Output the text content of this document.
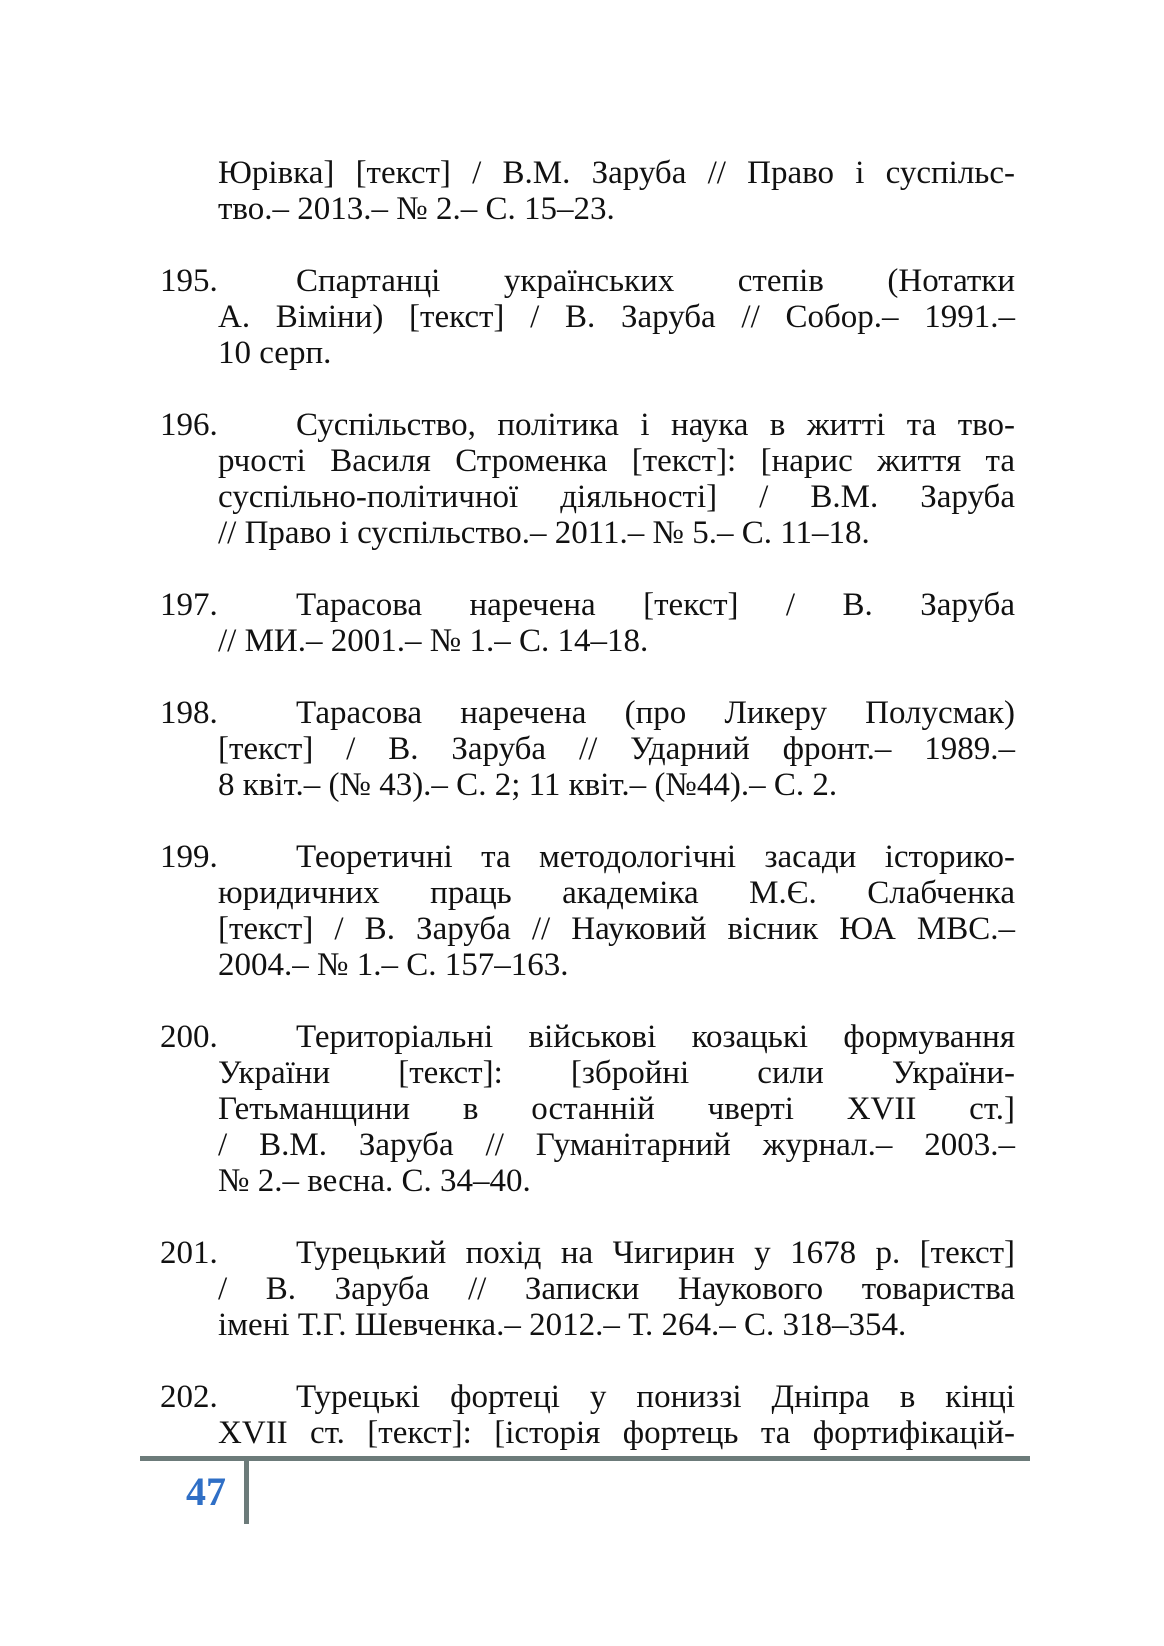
Юрівка] [текст] / В.М. Заруба // Право і суспільс-
тво.– 2013.– № 2.– С. 15–23.
195.	Спартанці українських степів (Нотатки
А. Віміни) [текст] / В. Заруба // Собор.– 1991.–
10 серп.
196.	Суспільство, політика і наука в житті та тво-
рчості Василя Строменка [текст]: [нарис життя та
суспільно-політичної діяльності] / В.М. Заруба
// Право і суспільство.– 2011.– № 5.– С. 11–18.
197.	Тарасова наречена [текст] / В. Заруба
// МИ.– 2001.– № 1.– С. 14–18.
198.	Тарасова наречена (про Ликеру Полусмак)
[текст] / В. Заруба // Ударний фронт.– 1989.–
8 квіт.– (№ 43).– С. 2; 11 квіт.– (№44).– С. 2.
199.	Теоретичні та методологічні засади історико-
юридичних праць академіка М.Є. Слабченка
[текст] / В. Заруба // Науковий вісник ЮА МВС.–
2004.– № 1.– С. 157–163.
200.	Територіальні військові козацькі формування
України [текст]: [збройні сили України-
Гетьманщини в останній чверті XVII ст.]
/ В.М. Заруба // Гуманітарний журнал.– 2003.–
№ 2.– весна. С. 34–40.
201.	Турецький похід на Чигирин у 1678 р. [текст]
/ В. Заруба // Записки Наукового товариства
імені Т.Г. Шевченка.– 2012.– Т. 264.– С. 318–354.
202.	Турецькі фортеці у пониззі Дніпра в кінці
XVII ст. [текст]: [історія фортець та фортифікацій-
47
